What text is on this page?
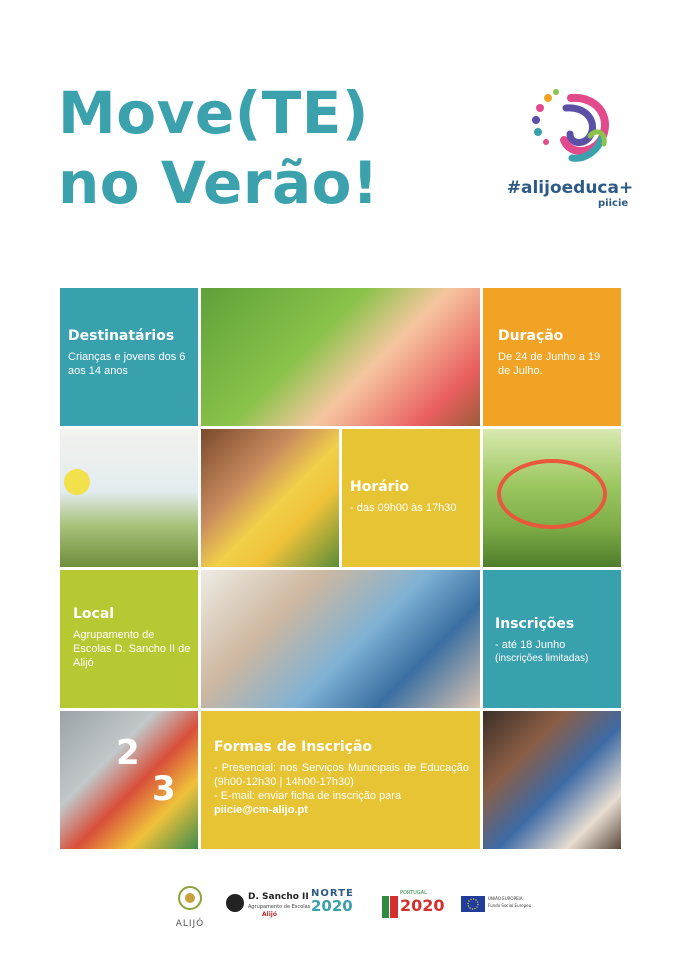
Move(TE)
no Verão!	#alijoeduca+
piicie
Destinatários
Crianças e jovens dos 6 aos 14 anos
Duração
De 24 de Junho a 19 de Julho.
Horário
- das 09h00 às 17h30
Local
Agrupamento de Escolas D. Sancho II de Alijó
Inscrições
- até 18 Junho
(inscrições limitadas)
2
3
Formas de Inscrição
- Presencial: nos Serviços Municipais de Educação (9h00-12h30 | 14h00-17h30)
- E-mail: enviar ficha de inscrição para
piicie@cm-alijo.pt
ALIJÓ
D. Sancho II
Agrupamento de Escolas
Alijó
NORTE
2020
PORTUGAL
2020	UNIÃO EUROPEIA
Fundo Social Europeu
